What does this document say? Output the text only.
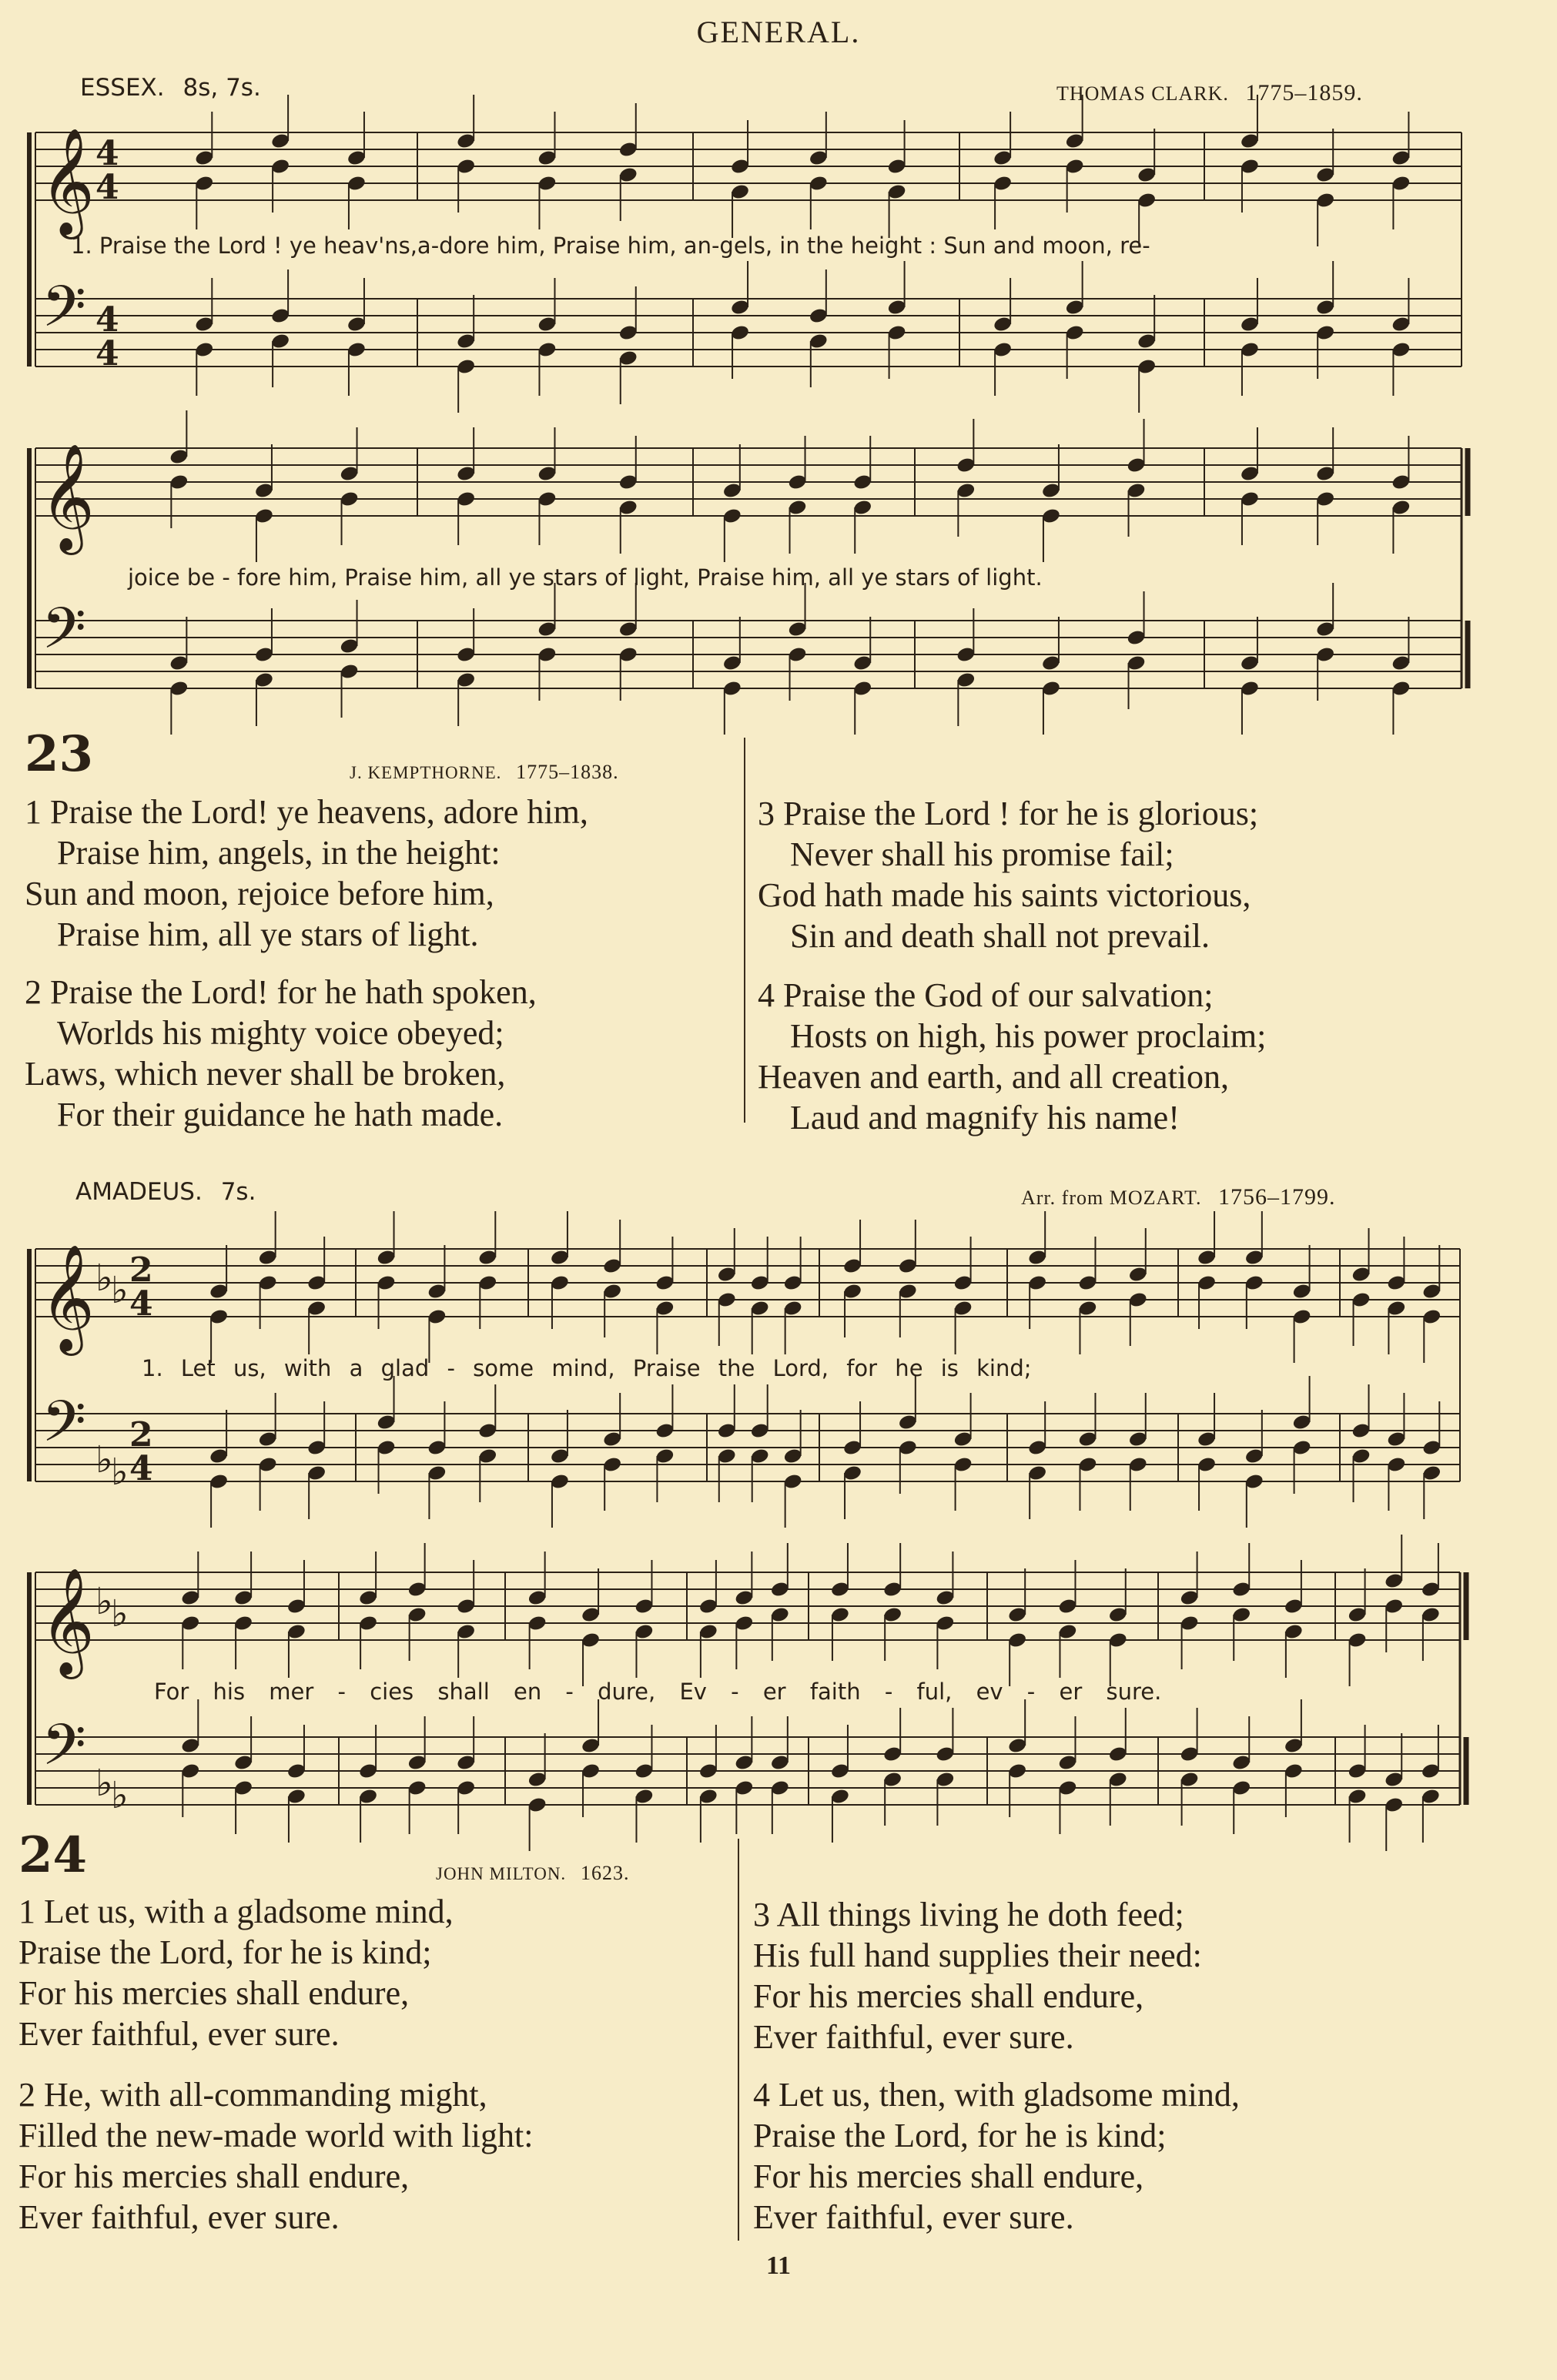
GENERAL.
ESSEX. 8s, 7s.	THOMAS CLARK. 1775–1859.
𝄞
𝄢
4
4
4
4
1. Praise the Lord ! ye heav'ns,a-dore him, Praise him, an-gels, in the height : Sun and moon, re-
𝄞
𝄢
joice be - fore him, Praise him, all ye stars of light, Praise him, all ye stars of light.
23	J. KEMPTHORNE. 1775–1838.
1 Praise the Lord! ye heavens, adore him,
Praise him, angels, in the height:
Sun and moon, rejoice before him,
Praise him, all ye stars of light.
2 Praise the Lord! for he hath spoken,
Worlds his mighty voice obeyed;
Laws, which never shall be broken,
For their guidance he hath made.
3 Praise the Lord ! for he is glorious;
Never shall his promise fail;
God hath made his saints victorious,
Sin and death shall not prevail.
4 Praise the God of our salvation;
Hosts on high, his power proclaim;
Heaven and earth, and all creation,
Laud and magnify his name!
AMADEUS. 7s.	Arr. from MOZART. 1756–1799.
𝄞
𝄢
♭
♭
♭
♭
2
4
2
4
1. Let us, with a glad - some mind, Praise the Lord, for he is kind;
𝄞
𝄢
♭
♭
♭
♭
For his mer - cies shall en - dure, Ev - er faith - ful, ev - er sure.
24	JOHN MILTON. 1623.
1 Let us, with a gladsome mind,
Praise the Lord, for he is kind;
For his mercies shall endure,
Ever faithful, ever sure.
2 He, with all-commanding might,
Filled the new-made world with light:
For his mercies shall endure,
Ever faithful, ever sure.
3 All things living he doth feed;
His full hand supplies their need:
For his mercies shall endure,
Ever faithful, ever sure.
4 Let us, then, with gladsome mind,
Praise the Lord, for he is kind;
For his mercies shall endure,
Ever faithful, ever sure.
11
